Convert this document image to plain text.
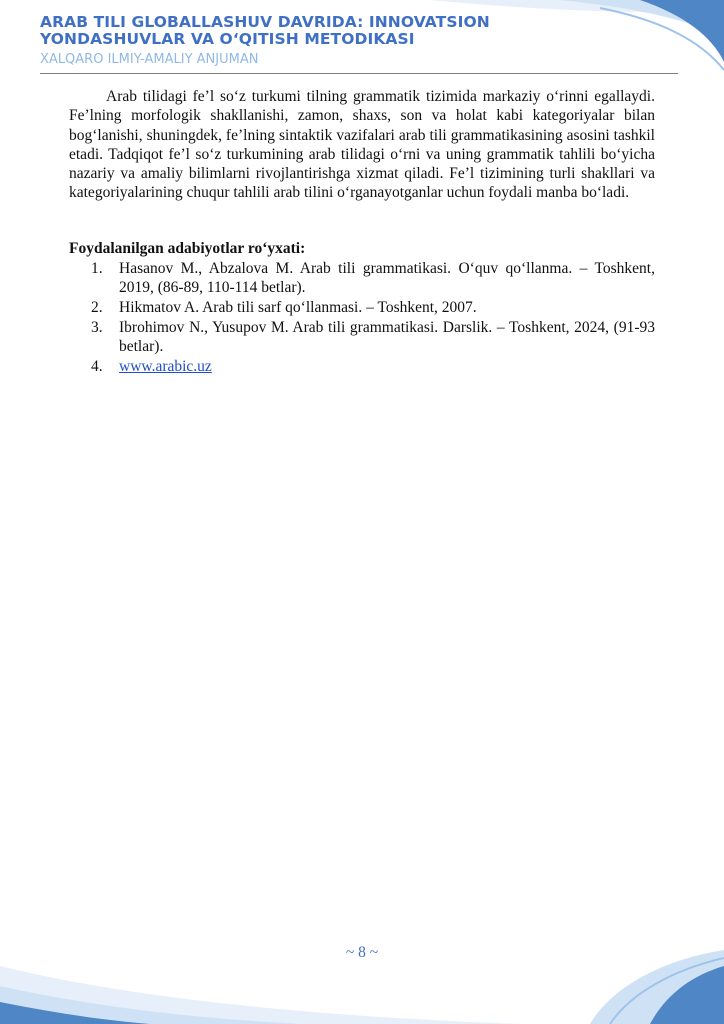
ARAB TILI GLOBALLASHUV DAVRIDA: INNOVATSION
YONDASHUVLAR VA O‘QITISH METODIKASI

XALQARO ILMIY-AMALIY ANJUMAN

Arab tilidagi fe’l so‘z turkumi tilning grammatik tizimida markaziy o‘rinni egallaydi. Fe’lning morfologik shakllanishi, zamon, shaxs, son va holat kabi kategoriyalar bilan bog‘lanishi, shuningdek, fe’lning sintaktik vazifalari arab tili grammatikasining asosini tashkil etadi. Tadqiqot fe’l so‘z turkumining arab tilidagi o‘rni va uning grammatik tahlili bo‘yicha nazariy va amaliy bilimlarni rivojlantirishga xizmat qiladi. Fe’l tizimining turli shakllari va kategoriyalarining chuqur tahlili arab tilini o‘rganayotganlar uchun foydali manba bo‘ladi.

Foydalanilgan adabiyotlar ro‘yxati:

1. Hasanov M., Abzalova M. Arab tili grammatikasi. O‘quv qo‘llanma. – Toshkent, 2019, (86-89, 110-114 betlar).
2. Hikmatov A. Arab tili sarf qo‘llanmasi. – Toshkent, 2007.
3. Ibrohimov N., Yusupov M. Arab tili grammatikasi. Darslik. – Toshkent, 2024, (91-93 betlar).
4. www.arabic.uz
~ 8 ~
